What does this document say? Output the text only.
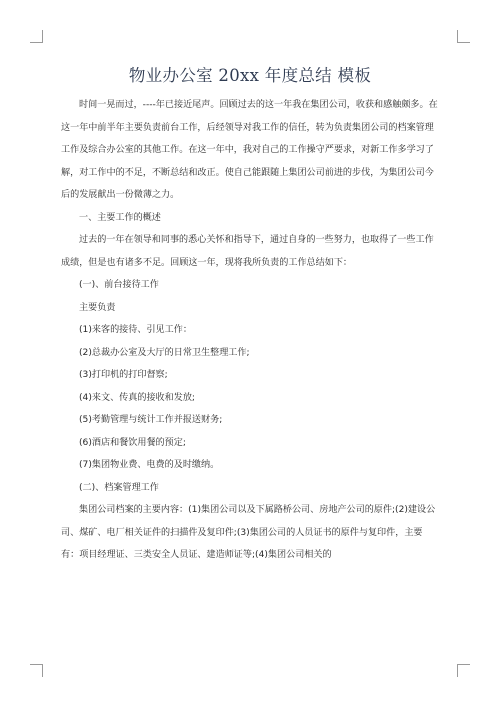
物业办公室 20xx 年度总结 模板

时间一晃而过，----年已接近尾声。回顾过去的这一年我在集团公司，收获和感触颇多。在这一年中前半年主要负责前台工作，后经领导对我工作的信任，转为负责集团公司的档案管理工作及综合办公室的其他工作。在这一年中，我对自己的工作操守严要求，对新工作多学习了解，对工作中的不足，不断总结和改正。使自己能跟随上集团公司前进的步伐，为集团公司今后的发展献出一份微薄之力。

一、主要工作的概述

过去的一年在领导和同事的悉心关怀和指导下，通过自身的一些努力，也取得了一些工作成绩，但是也有诸多不足。回顾这一年，现将我所负责的工作总结如下：

(一)、前台接待工作

主要负责

(1)来客的接待、引见工作：

(2)总裁办公室及大厅的日常卫生整理工作;

(3)打印机的打印督察;

(4)来文、传真的接收和发放;

(5)考勤管理与统计工作并报送财务;

(6)酒店和餐饮用餐的预定;

(7)集团物业费、电费的及时缴纳。

(二)、档案管理工作

集团公司档案的主要内容：(1)集团公司以及下属路桥公司、房地产公司的原件;(2)建设公司、煤矿、电厂相关证件的扫描件及复印件;(3)集团公司的人员证书的原件与复印件，主要有：项目经理证、三类安全人员证、建造师证等;(4)集团公司相关的
